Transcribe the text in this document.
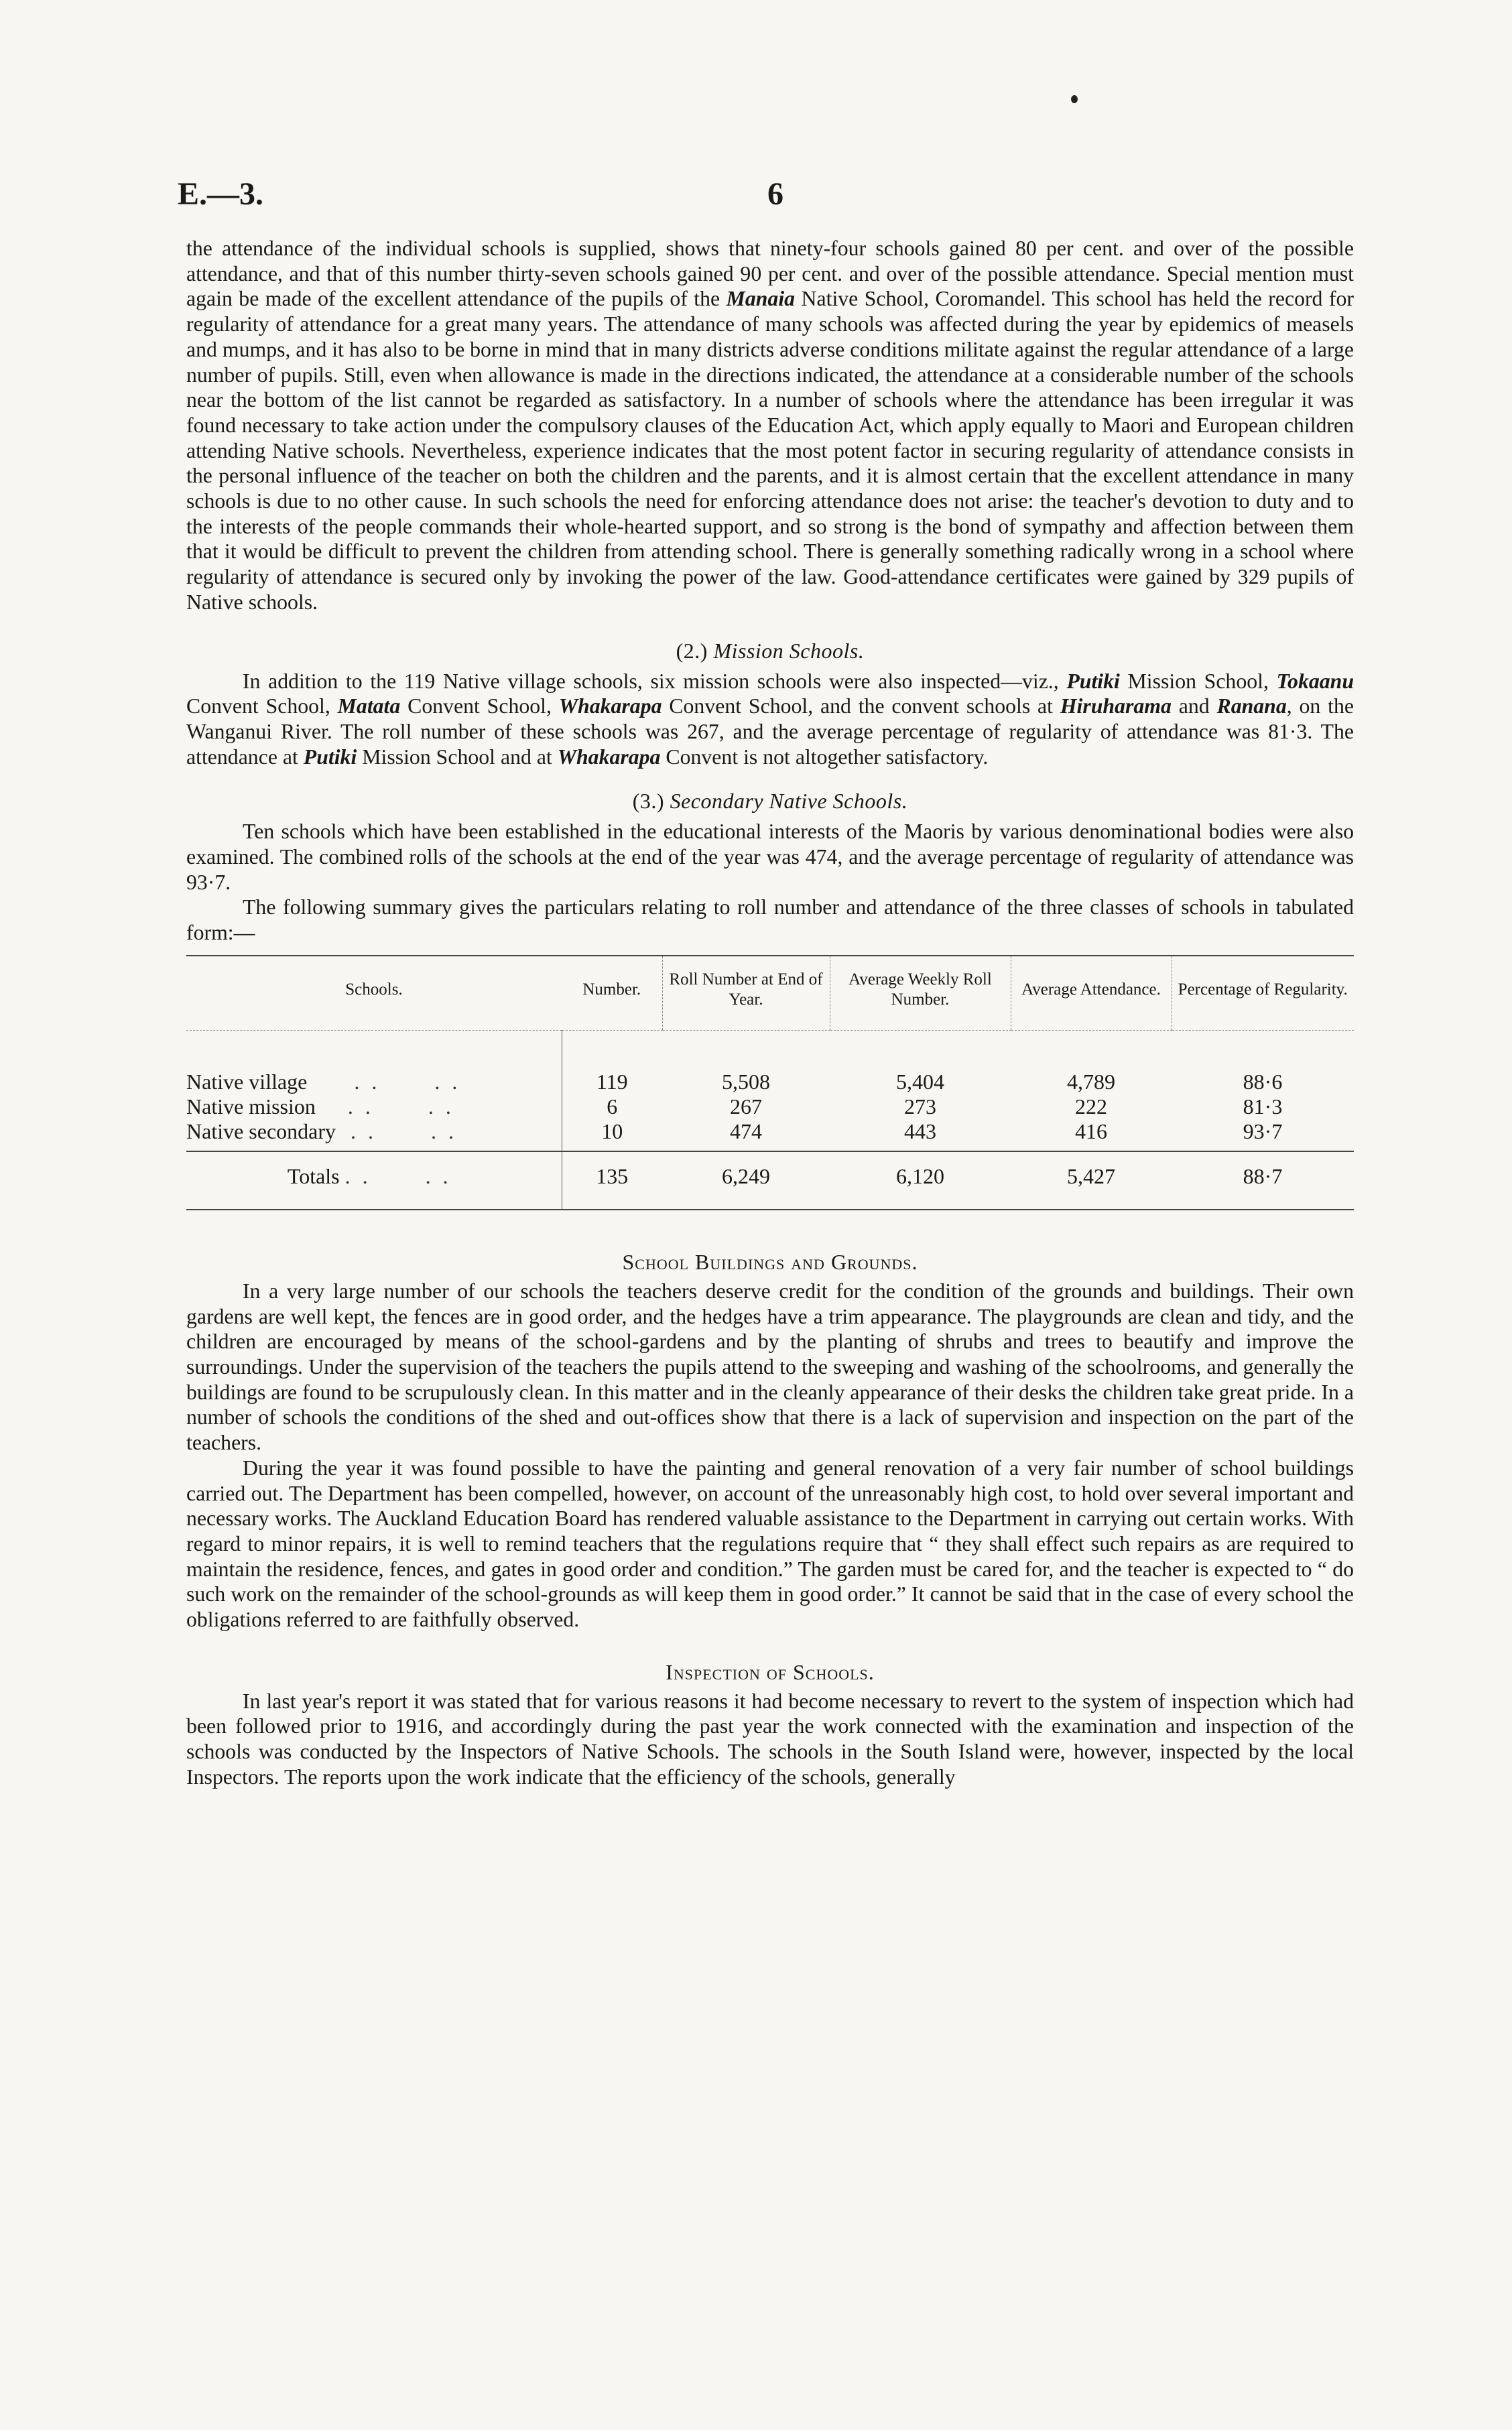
E.—3.	6

the attendance of the individual schools is supplied, shows that ninety-four schools gained 80 per cent. and over of the possible attendance, and that of this number thirty-seven schools gained 90 per cent. and over of the possible attendance. Special mention must again be made of the excellent attendance of the pupils of the Manaia Native School, Coromandel. This school has held the record for regularity of attendance for a great many years. The attendance of many schools was affected during the year by epidemics of measels and mumps, and it has also to be borne in mind that in many districts adverse conditions militate against the regular attendance of a large number of pupils. Still, even when allowance is made in the directions indicated, the attendance at a considerable number of the schools near the bottom of the list cannot be regarded as satisfactory. In a number of schools where the attendance has been irregular it was found necessary to take action under the compulsory clauses of the Education Act, which apply equally to Maori and European children attending Native schools. Nevertheless, experience indicates that the most potent factor in securing regularity of attendance consists in the personal influence of the teacher on both the children and the parents, and it is almost certain that the excellent attendance in many schools is due to no other cause. In such schools the need for enforcing attendance does not arise: the teacher's devotion to duty and to the interests of the people commands their whole-hearted support, and so strong is the bond of sympathy and affection between them that it would be difficult to prevent the children from attending school. There is generally something radically wrong in a school where regularity of attendance is secured only by invoking the power of the law. Good-attendance certificates were gained by 329 pupils of Native schools.

(2.) Mission Schools.

In addition to the 119 Native village schools, six mission schools were also inspected—viz., Putiki Mission School, Tokaanu Convent School, Matata Convent School, Whakarapa Convent School, and the convent schools at Hiruharama and Ranana, on the Wanganui River. The roll number of these schools was 267, and the average percentage of regularity of attendance was 81·3. The attendance at Putiki Mission School and at Whakarapa Convent is not altogether satisfactory.

(3.) Secondary Native Schools.

Ten schools which have been established in the educational interests of the Maoris by various denominational bodies were also examined. The combined rolls of the schools at the end of the year was 474, and the average percentage of regularity of attendance was 93·7.

The following summary gives the particulars relating to roll number and attendance of the three classes of schools in tabulated form:—

Schools.	Number.	Roll Number at End of Year.	Average Weekly Roll Number.	Average Attendance.	Percentage of Regularity.
Native village .. ..	119	5,508	5,404	4,789	88·6
Native mission .. ..	6	267	273	222	81·3
Native secondary .. ..	10	474	443	416	93·7
Totals .. ..	135	6,249	6,120	5,427	88·7
School Buildings and Grounds.

In a very large number of our schools the teachers deserve credit for the condition of the grounds and buildings. Their own gardens are well kept, the fences are in good order, and the hedges have a trim appearance. The playgrounds are clean and tidy, and the children are encouraged by means of the school-gardens and by the planting of shrubs and trees to beautify and improve the surroundings. Under the supervision of the teachers the pupils attend to the sweeping and washing of the schoolrooms, and generally the buildings are found to be scrupulously clean. In this matter and in the cleanly appearance of their desks the children take great pride. In a number of schools the conditions of the shed and out-offices show that there is a lack of supervision and inspection on the part of the teachers.

During the year it was found possible to have the painting and general renovation of a very fair number of school buildings carried out. The Department has been compelled, however, on account of the unreasonably high cost, to hold over several important and necessary works. The Auckland Education Board has rendered valuable assistance to the Department in carrying out certain works. With regard to minor repairs, it is well to remind teachers that the regulations require that “ they shall effect such repairs as are required to maintain the residence, fences, and gates in good order and condition.” The garden must be cared for, and the teacher is expected to “ do such work on the remainder of the school-grounds as will keep them in good order.” It cannot be said that in the case of every school the obligations referred to are faithfully observed.

Inspection of Schools.

In last year's report it was stated that for various reasons it had become necessary to revert to the system of inspection which had been followed prior to 1916, and accordingly during the past year the work connected with the examination and inspection of the schools was conducted by the Inspectors of Native Schools. The schools in the South Island were, however, inspected by the local Inspectors. The reports upon the work indicate that the efficiency of the schools, generally
